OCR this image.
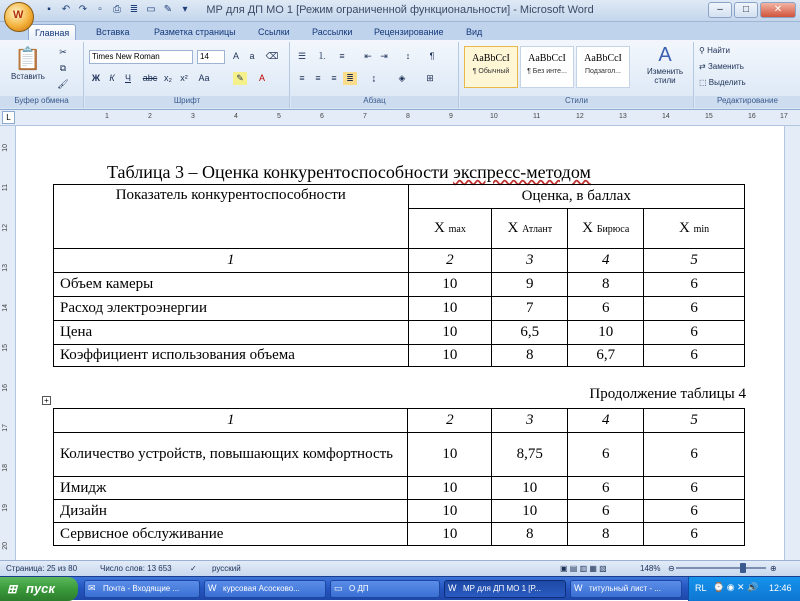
▪	↶ ↷	▫	⎙ ≣ ▭ ✎	▾	МР для ДП МО 1 [Режим ограниченной функциональности] - Microsoft Word	–	□	✕
W
Главная	Вставка	Разметка страницы	Ссылки	Рассылки	Рецензирование	Вид
📋
Вставить
✂
⧉
🖌
Буфер обмена
Times New Roman	14	A	a	⌫
Ж	К	Ч	abc x₂ x²	Aa	✎	A
Шрифт
☰	⒈	≡	⇤ ⇥	↕	¶
≡	≡	≡	≣	↨	◈	⊞
Абзац
AaBbCcI
¶ Обычный
AaBbCcI
¶ Без инте...
AaBbCcI
Подзагол...
A
Изменить стили
Стили
⚲ Найти
⇄ Заменить
⬚ Выделить
Редактирование
L	1	2	3	4	5	6	7	8	9	10	11	12	13	14	15	16	17
10
11
12
13
14
15
16
17
18
19
20
Таблица 3 – Оценка конкурентоспособности экспресс-методом
Показатель конкурентоспособности	Оценка, в баллах			
	X max	X Атлант	X Бирюса	X min
1	2	3	4	5
Объем камеры	10	9	8	6
Расход электроэнергии	10	7	6	6
Цена	10	6,5	10	6
Коэффициент использования объема	10	8	6,7	6
+	Продолжение таблицы 4
1	2	3	4	5
Количество устройств, повышающих комфортность	10	8,75	6	6
Имидж	10	10	6	6
Дизайн	10	10	6	6
Сервисное обслуживание	10	8	8	6
Страница: 25 из 80	Число слов: 13 653 ✓ русский	▣ ▤ ▥ ▦ ▧	148% ⊖	⊕
⊞ пуск	✉ Почта - Входящие ...	W курсовая Асосково...	▭ О ДП	W МР для ДП МО 1 [Р...	W титульный лист - ...	RL ⌚ ◉ ✕ 🔊 12:46
